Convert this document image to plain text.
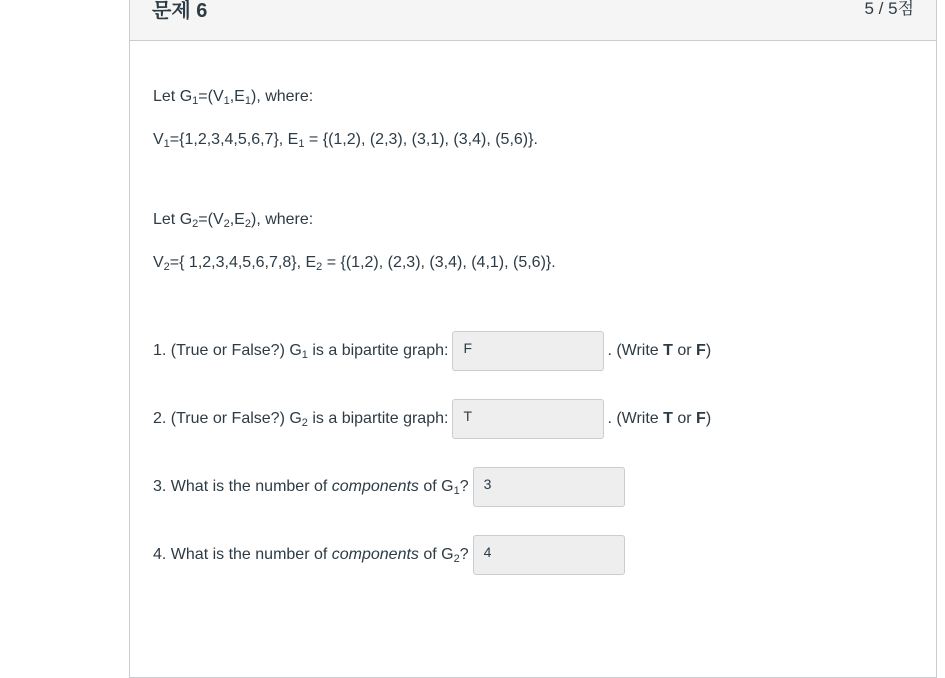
문제 6	5 / 5점
Let $G_1=(V_1,E_1)$, where:
$V_1=\{1,2,3,4,5,6,7\}$, $E_1 = \{(1,2)$, (2,3), (3,1), (3,4), (5,6)}.
Let $G_2=(V_2,E_2)$, where:
$V_2=${ 1,2,3,4,5,6,7,8}, $E_2 = \{(1,2)$, (2,3), (3,4), (4,1), (5,6)}.
1. (True or False?) $G_1$ is a bipartite graph: F	. (Write T or F)
2. (True or False?) $G_2$ is a bipartite graph: T	. (Write T or F)
3. What is the number of components of $G_1$? 3
4. What is the number of components of $G_2$? 4
